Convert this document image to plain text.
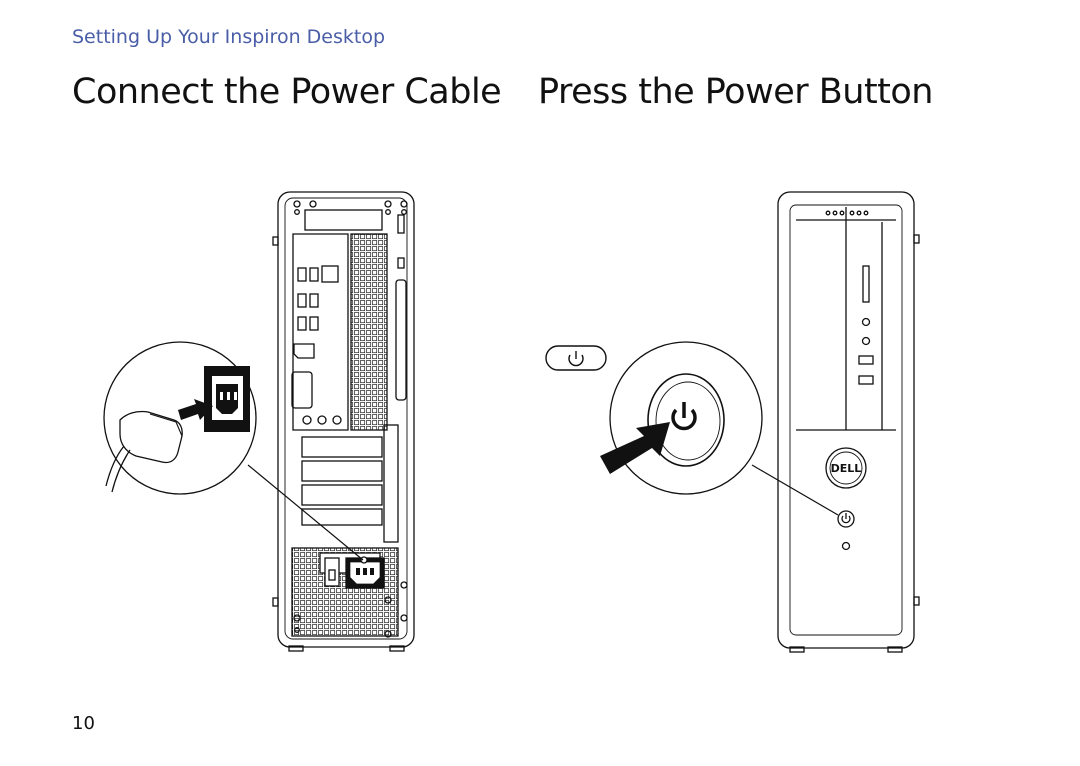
Setting Up Your Inspiron Desktop
Connect the Power Cable Press the Power Button
DELL
10
